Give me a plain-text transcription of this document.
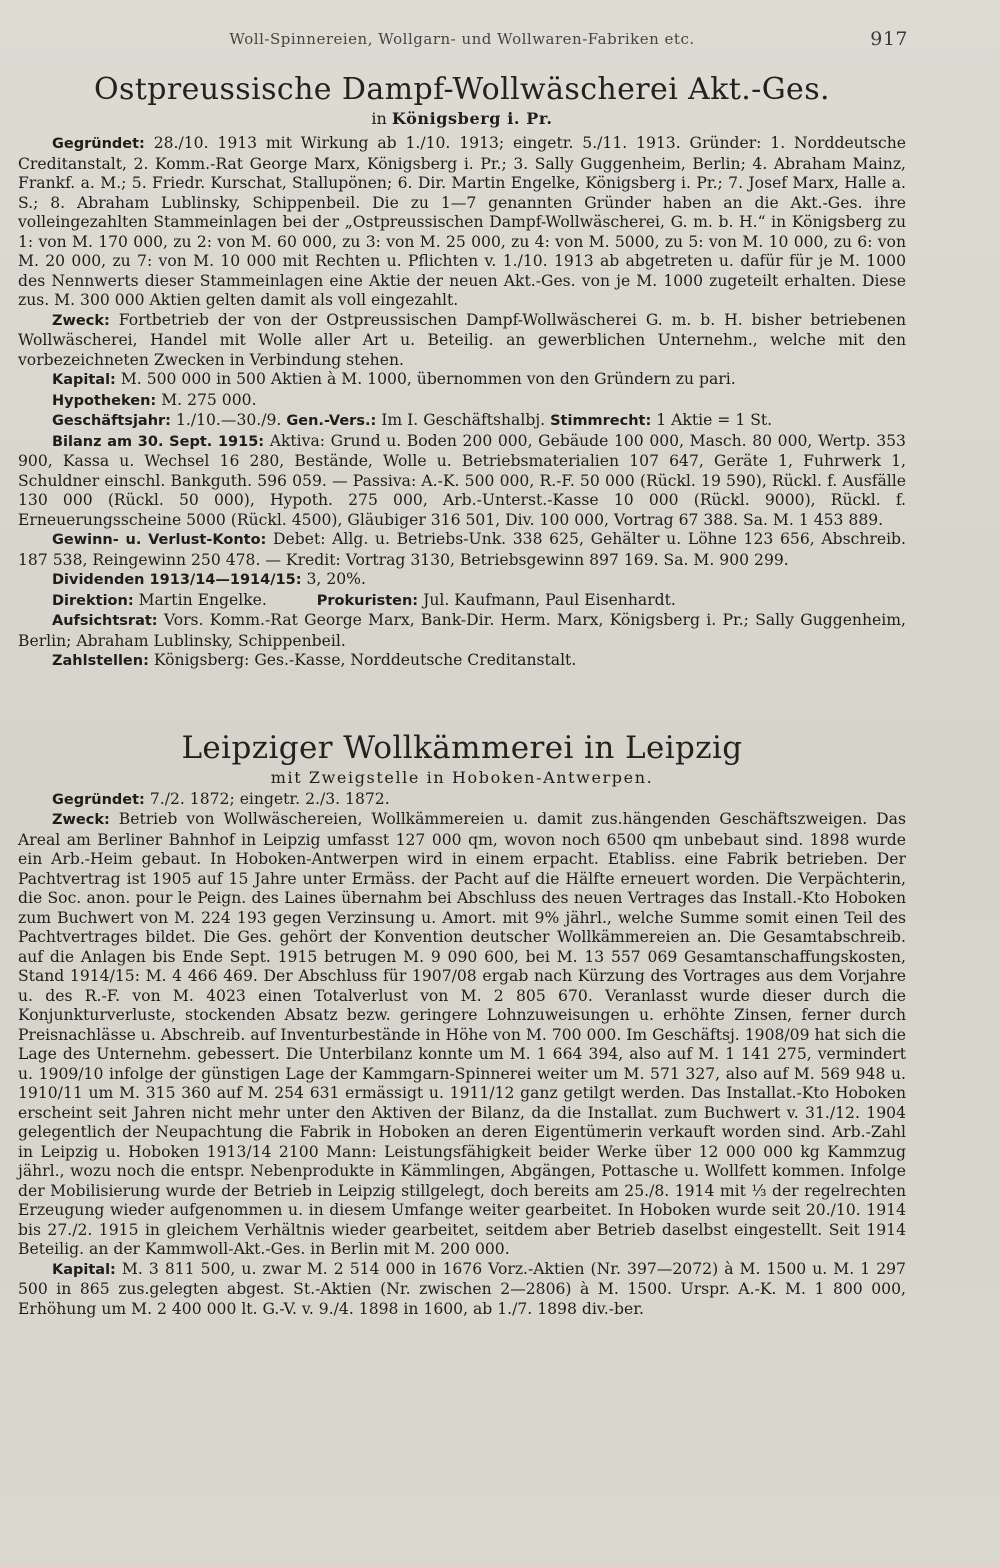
Woll-Spinnereien, Wollgarn- und Wollwaren-Fabriken etc.	917
Ostpreussische Dampf-Wollwäscherei Akt.-Ges.
in Königsberg i. Pr.

Gegründet: 28./10. 1913 mit Wirkung ab 1./10. 1913; eingetr. 5./11. 1913. Gründer: 1. Norddeutsche Creditanstalt, 2. Komm.-Rat George Marx, Königsberg i. Pr.; 3. Sally Guggenheim, Berlin; 4. Abraham Mainz, Frankf. a. M.; 5. Friedr. Kurschat, Stallupönen; 6. Dir. Martin Engelke, Königsberg i. Pr.; 7. Josef Marx, Halle a. S.; 8. Abraham Lublinsky, Schippenbeil. Die zu 1—7 genannten Gründer haben an die Akt.-Ges. ihre volleingezahlten Stammeinlagen bei der „Ostpreussischen Dampf-Wollwäscherei, G. m. b. H.“ in Königsberg zu 1: von M. 170 000, zu 2: von M. 60 000, zu 3: von M. 25 000, zu 4: von M. 5000, zu 5: von M. 10 000, zu 6: von M. 20 000, zu 7: von M. 10 000 mit Rechten u. Pflichten v. 1./10. 1913 ab abgetreten u. dafür für je M. 1000 des Nennwerts dieser Stammeinlagen eine Aktie der neuen Akt.-Ges. von je M. 1000 zugeteilt erhalten. Diese zus. M. 300 000 Aktien gelten damit als voll eingezahlt.

Zweck: Fortbetrieb der von der Ostpreussischen Dampf-Wollwäscherei G. m. b. H. bisher betriebenen Wollwäscherei, Handel mit Wolle aller Art u. Beteilig. an gewerblichen Unternehm., welche mit den vorbezeichneten Zwecken in Verbindung stehen.

Kapital: M. 500 000 in 500 Aktien à M. 1000, übernommen von den Gründern zu pari.

Hypotheken: M. 275 000.

Geschäftsjahr: 1./10.—30./9. Gen.-Vers.: Im I. Geschäftshalbj. Stimmrecht: 1 Aktie = 1 St.

Bilanz am 30. Sept. 1915: Aktiva: Grund u. Boden 200 000, Gebäude 100 000, Masch. 80 000, Wertp. 353 900, Kassa u. Wechsel 16 280, Bestände, Wolle u. Betriebsmaterialien 107 647, Geräte 1, Fuhrwerk 1, Schuldner einschl. Bankguth. 596 059. — Passiva: A.-K. 500 000, R.-F. 50 000 (Rückl. 19 590), Rückl. f. Ausfälle 130 000 (Rückl. 50 000), Hypoth. 275 000, Arb.-Unterst.-Kasse 10 000 (Rückl. 9000), Rückl. f. Erneuerungsscheine 5000 (Rückl. 4500), Gläubiger 316 501, Div. 100 000, Vortrag 67 388. Sa. M. 1 453 889.

Gewinn- u. Verlust-Konto: Debet: Allg. u. Betriebs-Unk. 338 625, Gehälter u. Löhne 123 656, Abschreib. 187 538, Reingewinn 250 478. — Kredit: Vortrag 3130, Betriebsgewinn 897 169. Sa. M. 900 299.

Dividenden 1913/14—1914/15: 3, 20%.

Direktion: Martin Engelke.	Prokuristen: Jul. Kaufmann, Paul Eisenhardt.

Aufsichtsrat: Vors. Komm.-Rat George Marx, Bank-Dir. Herm. Marx, Königsberg i. Pr.; Sally Guggenheim, Berlin; Abraham Lublinsky, Schippenbeil.

Zahlstellen: Königsberg: Ges.-Kasse, Norddeutsche Creditanstalt.

Leipziger Wollkämmerei in Leipzig
mit Zweigstelle in Hoboken-Antwerpen.

Gegründet: 7./2. 1872; eingetr. 2./3. 1872.

Zweck: Betrieb von Wollwäschereien, Wollkämmereien u. damit zus.hängenden Geschäftszweigen. Das Areal am Berliner Bahnhof in Leipzig umfasst 127 000 qm, wovon noch 6500 qm unbebaut sind. 1898 wurde ein Arb.-Heim gebaut. In Hoboken-Antwerpen wird in einem erpacht. Etabliss. eine Fabrik betrieben. Der Pachtvertrag ist 1905 auf 15 Jahre unter Ermäss. der Pacht auf die Hälfte erneuert worden. Die Verpächterin, die Soc. anon. pour le Peign. des Laines übernahm bei Abschluss des neuen Vertrages das Install.-Kto Hoboken zum Buchwert von M. 224 193 gegen Verzinsung u. Amort. mit 9% jährl., welche Summe somit einen Teil des Pachtvertrages bildet. Die Ges. gehört der Konvention deutscher Wollkämmereien an. Die Gesamtabschreib. auf die Anlagen bis Ende Sept. 1915 betrugen M. 9 090 600, bei M. 13 557 069 Gesamtanschaffungskosten, Stand 1914/15: M. 4 466 469. Der Abschluss für 1907/08 ergab nach Kürzung des Vortrages aus dem Vorjahre u. des R.-F. von M. 4023 einen Totalverlust von M. 2 805 670. Veranlasst wurde dieser durch die Konjunkturverluste, stockenden Absatz bezw. geringere Lohnzuweisungen u. erhöhte Zinsen, ferner durch Preisnachlässe u. Abschreib. auf Inventurbestände in Höhe von M. 700 000. Im Geschäftsj. 1908/09 hat sich die Lage des Unternehm. gebessert. Die Unterbilanz konnte um M. 1 664 394, also auf M. 1 141 275, vermindert u. 1909/10 infolge der günstigen Lage der Kammgarn-Spinnerei weiter um M. 571 327, also auf M. 569 948 u. 1910/11 um M. 315 360 auf M. 254 631 ermässigt u. 1911/12 ganz getilgt werden. Das Installat.-Kto Hoboken erscheint seit Jahren nicht mehr unter den Aktiven der Bilanz, da die Installat. zum Buchwert v. 31./12. 1904 gelegentlich der Neupachtung die Fabrik in Hoboken an deren Eigentümerin verkauft worden sind. Arb.-Zahl in Leipzig u. Hoboken 1913/14 2100 Mann: Leistungsfähigkeit beider Werke über 12 000 000 kg Kammzug jährl., wozu noch die entspr. Nebenprodukte in Kämmlingen, Abgängen, Pottasche u. Wollfett kommen. Infolge der Mobilisierung wurde der Betrieb in Leipzig stillgelegt, doch bereits am 25./8. 1914 mit ⅓ der regelrechten Erzeugung wieder aufgenommen u. in diesem Umfange weiter gearbeitet. In Hoboken wurde seit 20./10. 1914 bis 27./2. 1915 in gleichem Verhältnis wieder gearbeitet, seitdem aber Betrieb daselbst eingestellt. Seit 1914 Beteilig. an der Kammwoll-Akt.-Ges. in Berlin mit M. 200 000.

Kapital: M. 3 811 500, u. zwar M. 2 514 000 in 1676 Vorz.-Aktien (Nr. 397—2072) à M. 1500 u. M. 1 297 500 in 865 zus.gelegten abgest. St.-Aktien (Nr. zwischen 2—2806) à M. 1500. Urspr. A.-K. M. 1 800 000, Erhöhung um M. 2 400 000 lt. G.-V. v. 9./4. 1898 in 1600, ab 1./7. 1898 div.-ber.
